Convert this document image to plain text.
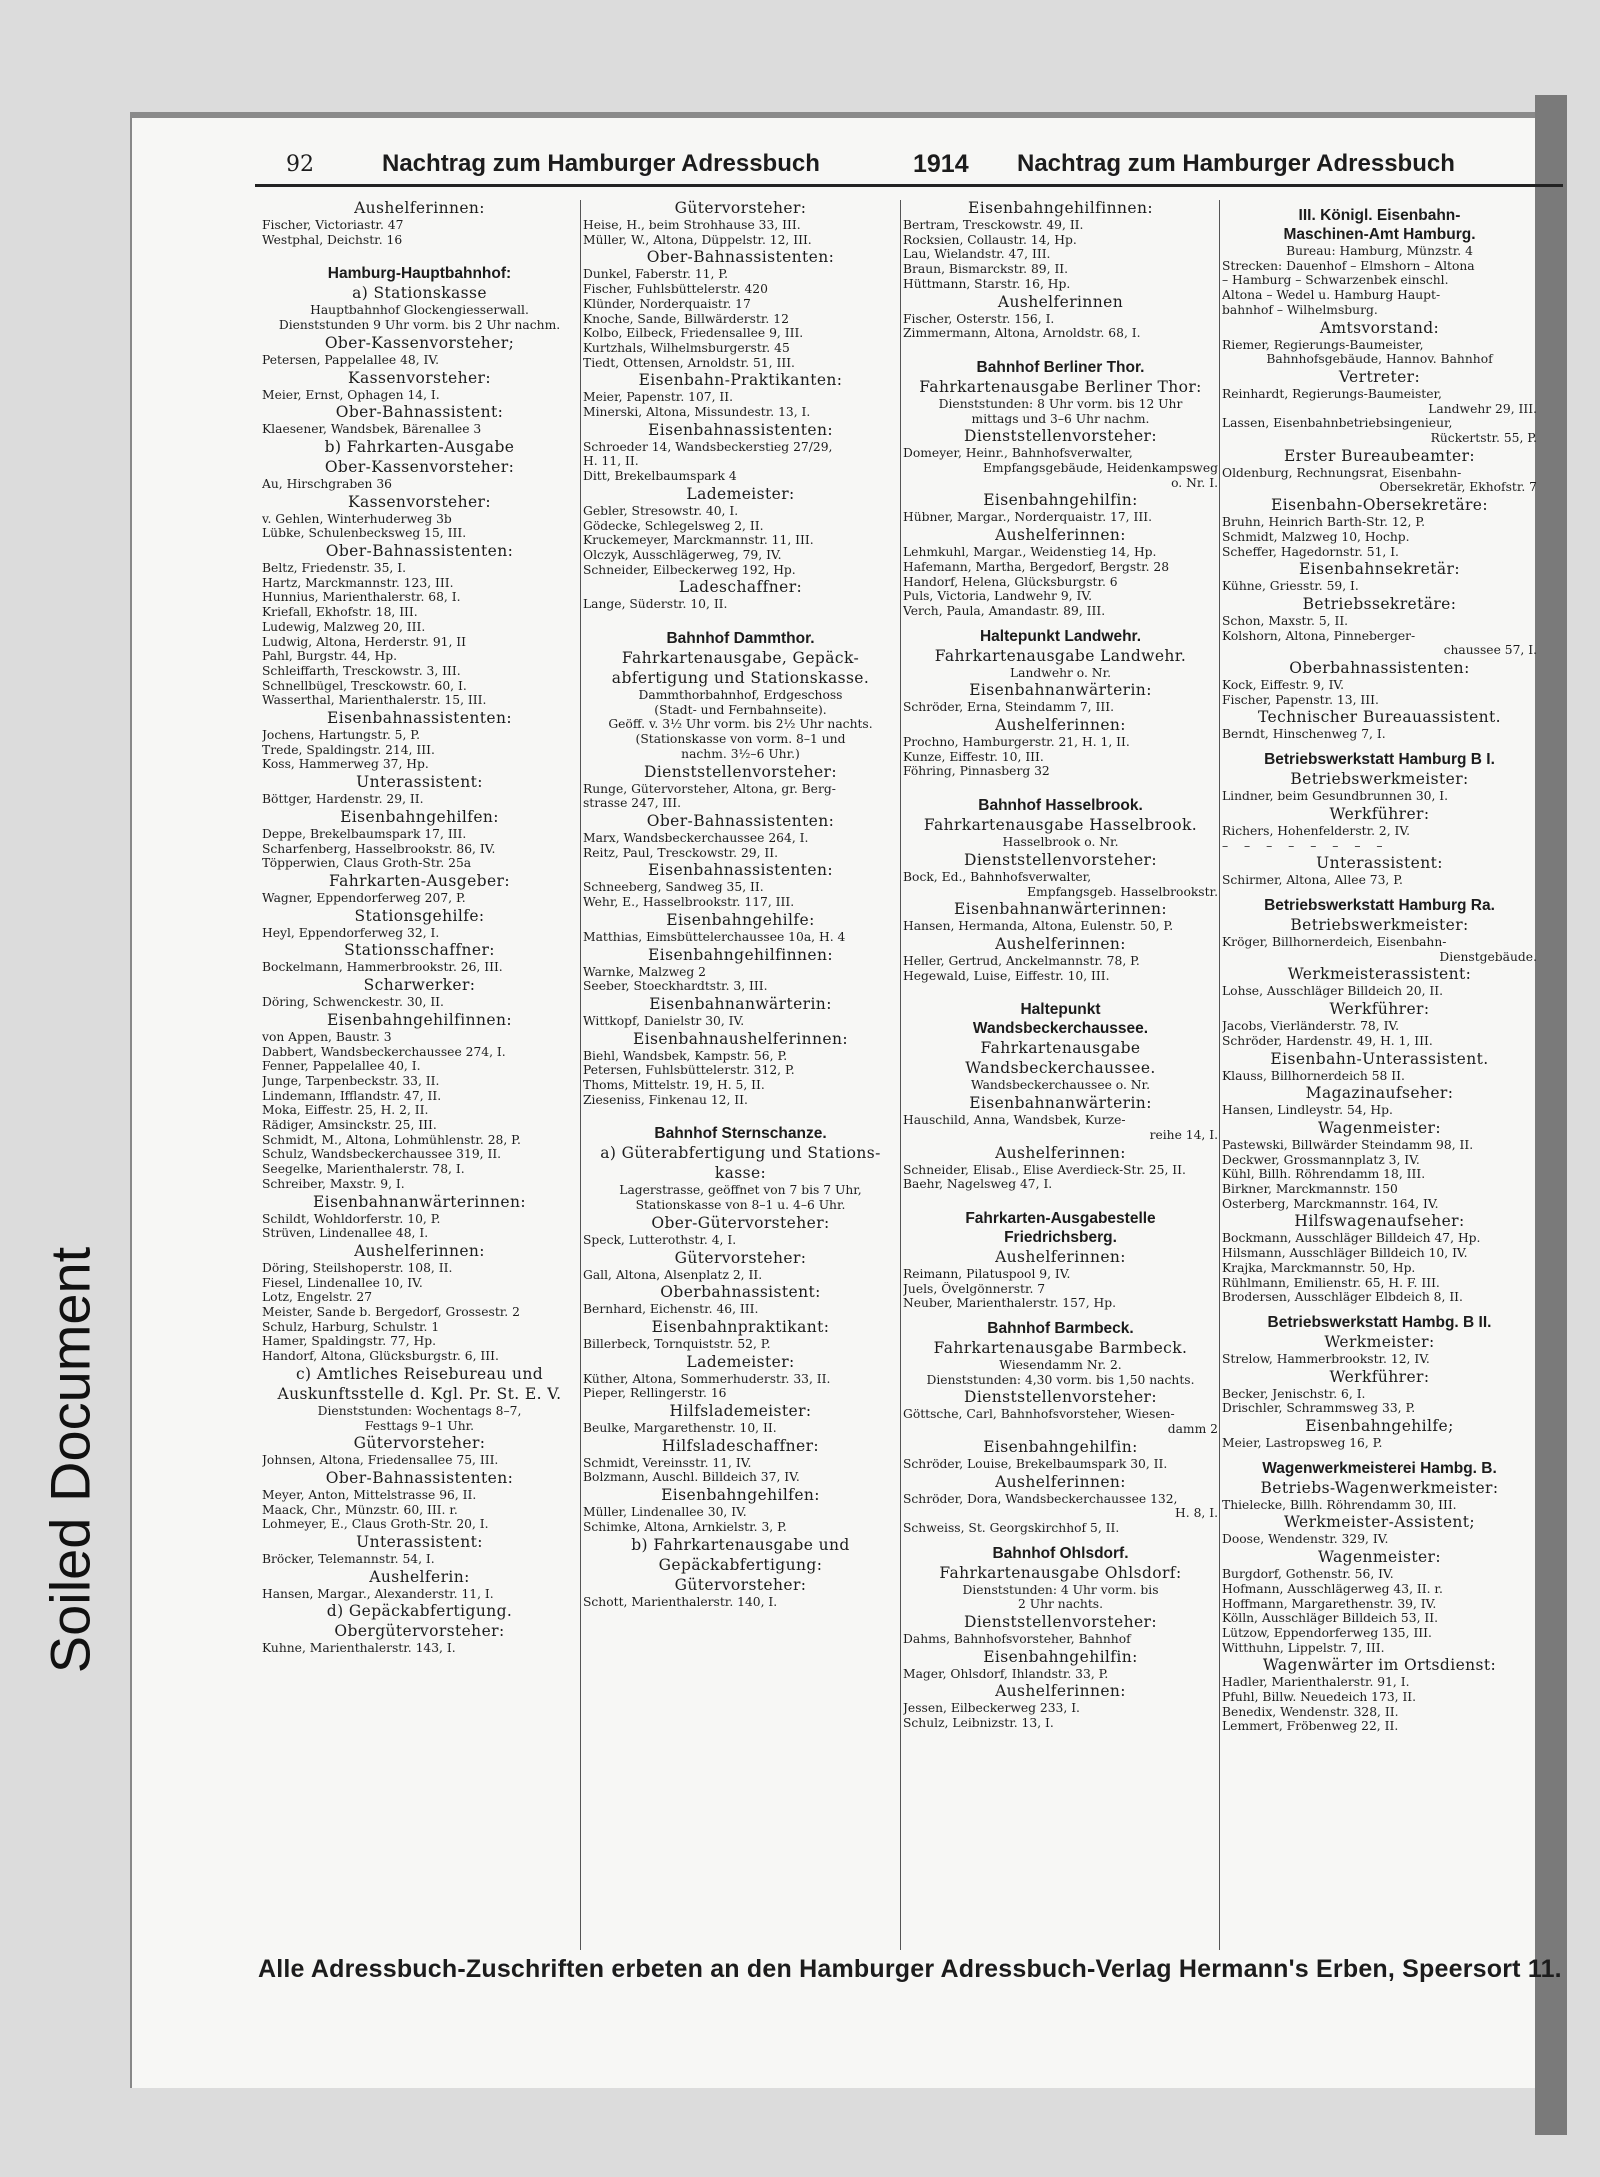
Soiled Document
92	Nachtrag zum Hamburger Adressbuch	1914 Nachtrag zum Hamburger Adressbuch
Aushelferinnen:
Fischer, Victoriastr. 47
Westphal, Deichstr. 16
Hamburg-Hauptbahnhof:
a) Stationskasse
Hauptbahnhof Glockengiesserwall.
Dienststunden 9 Uhr vorm. bis 2 Uhr nachm.
Ober-Kassenvorsteher;
Petersen, Pappelallee 48, IV.
Kassenvorsteher:
Meier, Ernst, Ophagen 14, I.
Ober-Bahnassistent:
Klaesener, Wandsbek, Bärenallee 3
b) Fahrkarten-Ausgabe
Ober-Kassenvorsteher:
Au, Hirschgraben 36
Kassenvorsteher:
v. Gehlen, Winterhuderweg 3b
Lübke, Schulenbecksweg 15, III.
Ober-Bahnassistenten:
Beltz, Friedenstr. 35, I.
Hartz, Marckmannstr. 123, III.
Hunnius, Marienthalerstr. 68, I.
Kriefall, Ekhofstr. 18, III.
Ludewig, Malzweg 20, III.
Ludwig, Altona, Herderstr. 91, II
Pahl, Burgstr. 44, Hp.
Schleiffarth, Tresckowstr. 3, III.
Schnellbügel, Tresckowstr. 60, I.
Wasserthal, Marienthalerstr. 15, III.
Eisenbahnassistenten:
Jochens, Hartungstr. 5, P.
Trede, Spaldingstr. 214, III.
Koss, Hammerweg 37, Hp.
Unterassistent:
Böttger, Hardenstr. 29, II.
Eisenbahngehilfen:
Deppe, Brekelbaumspark 17, III.
Scharfenberg, Hasselbrookstr. 86, IV.
Töpperwien, Claus Groth-Str. 25a
Fahrkarten-Ausgeber:
Wagner, Eppendorferweg 207, P.
Stationsgehilfe:
Heyl, Eppendorferweg 32, I.
Stationsschaffner:
Bockelmann, Hammerbrookstr. 26, III.
Scharwerker:
Döring, Schwenckestr. 30, II.
Eisenbahngehilfinnen:
von Appen, Baustr. 3
Dabbert, Wandsbeckerchaussee 274, I.
Fenner, Pappelallee 40, I.
Junge, Tarpenbeckstr. 33, II.
Lindemann, Ifflandstr. 47, II.
Moka, Eiffestr. 25, H. 2, II.
Rädiger, Amsinckstr. 25, III.
Schmidt, M., Altona, Lohmühlenstr. 28, P.
Schulz, Wandsbeckerchaussee 319, II.
Seegelke, Marienthalerstr. 78, I.
Schreiber, Maxstr. 9, I.
Eisenbahnanwärterinnen:
Schildt, Wohldorferstr. 10, P.
Strüven, Lindenallee 48, I.
Aushelferinnen:
Döring, Steilshoperstr. 108, II.
Fiesel, Lindenallee 10, IV.
Lotz, Engelstr. 27
Meister, Sande b. Bergedorf, Grossestr. 2
Schulz, Harburg, Schulstr. 1
Hamer, Spaldingstr. 77, Hp.
Handorf, Altona, Glücksburgstr. 6, III.
c) Amtliches Reisebureau und
Auskunftsstelle d. Kgl. Pr. St. E. V.
Dienststunden: Wochentags 8–7,
Festtags 9–1 Uhr.
Gütervorsteher:
Johnsen, Altona, Friedensallee 75, III.
Ober-Bahnassistenten:
Meyer, Anton, Mittelstrasse 96, II.
Maack, Chr., Münzstr. 60, III. r.
Lohmeyer, E., Claus Groth-Str. 20, I.
Unterassistent:
Bröcker, Telemannstr. 54, I.
Aushelferin:
Hansen, Margar., Alexanderstr. 11, I.
d) Gepäckabfertigung.
Obergütervorsteher:
Kuhne, Marienthalerstr. 143, I.
Gütervorsteher:
Heise, H., beim Strohhause 33, III.
Müller, W., Altona, Düppelstr. 12, III.
Ober-Bahnassistenten:
Dunkel, Faberstr. 11, P.
Fischer, Fuhlsbüttelerstr. 420
Klünder, Norderquaistr. 17
Knoche, Sande, Billwärderstr. 12
Kolbo, Eilbeck, Friedensallee 9, III.
Kurtzhals, Wilhelmsburgerstr. 45
Tiedt, Ottensen, Arnoldstr. 51, III.
Eisenbahn-Praktikanten:
Meier, Papenstr. 107, II.
Minerski, Altona, Missundestr. 13, I.
Eisenbahnassistenten:
Schroeder 14, Wandsbeckerstieg 27/29,
H. 11, II.
Ditt, Brekelbaumspark 4
Lademeister:
Gebler, Stresowstr. 40, I.
Gödecke, Schlegelsweg 2, II.
Kruckemeyer, Marckmannstr. 11, III.
Olczyk, Ausschlägerweg, 79, IV.
Schneider, Eilbeckerweg 192, Hp.
Ladeschaffner:
Lange, Süderstr. 10, II.
Bahnhof Dammthor.
Fahrkartenausgabe, Gepäck-
abfertigung und Stationskasse.
Dammthorbahnhof, Erdgeschoss
(Stadt- und Fernbahnseite).
Geöff. v. 3½ Uhr vorm. bis 2½ Uhr nachts.
(Stationskasse von vorm. 8–1 und
nachm. 3½–6 Uhr.)
Dienststellenvorsteher:
Runge, Gütervorsteher, Altona, gr. Berg-
strasse 247, III.
Ober-Bahnassistenten:
Marx, Wandsbeckerchaussee 264, I.
Reitz, Paul, Tresckowstr. 29, II.
Eisenbahnassistenten:
Schneeberg, Sandweg 35, II.
Wehr, E., Hasselbrookstr. 117, III.
Eisenbahngehilfe:
Matthias, Eimsbüttelerchaussee 10a, H. 4
Eisenbahngehilfinnen:
Warnke, Malzweg 2
Seeber, Stoeckhardtstr. 3, III.
Eisenbahnanwärterin:
Wittkopf, Danielstr 30, IV.
Eisenbahnaushelferinnen:
Biehl, Wandsbek, Kampstr. 56, P.
Petersen, Fuhlsbüttelerstr. 312, P.
Thoms, Mittelstr. 19, H. 5, II.
Zieseniss, Finkenau 12, II.
Bahnhof Sternschanze.
a) Güterabfertigung und Stations-
kasse:
Lagerstrasse, geöffnet von 7 bis 7 Uhr,
Stationskasse von 8–1 u. 4–6 Uhr.
Ober-Gütervorsteher:
Speck, Lutterothstr. 4, I.
Gütervorsteher:
Gall, Altona, Alsenplatz 2, II.
Oberbahnassistent:
Bernhard, Eichenstr. 46, III.
Eisenbahnpraktikant:
Billerbeck, Tornquiststr. 52, P.
Lademeister:
Küther, Altona, Sommerhuderstr. 33, II.
Pieper, Rellingerstr. 16
Hilfslademeister:
Beulke, Margarethenstr. 10, II.
Hilfsladeschaffner:
Schmidt, Vereinsstr. 11, IV.
Bolzmann, Auschl. Billdeich 37, IV.
Eisenbahngehilfen:
Müller, Lindenallee 30, IV.
Schimke, Altona, Arnkielstr. 3, P.
b) Fahrkartenausgabe und
Gepäckabfertigung:
Gütervorsteher:
Schott, Marienthalerstr. 140, I.
Eisenbahngehilfinnen:
Bertram, Tresckowstr. 49, II.
Rocksien, Collaustr. 14, Hp.
Lau, Wielandstr. 47, III.
Braun, Bismarckstr. 89, II.
Hüttmann, Starstr. 16, Hp.
Aushelferinnen
Fischer, Osterstr. 156, I.
Zimmermann, Altona, Arnoldstr. 68, I.
Bahnhof Berliner Thor.
Fahrkartenausgabe Berliner Thor:
Dienststunden: 8 Uhr vorm. bis 12 Uhr
mittags und 3–6 Uhr nachm.
Dienststellenvorsteher:
Domeyer, Heinr., Bahnhofsverwalter,
Empfangsgebäude, Heidenkampsweg
o. Nr. I.
Eisenbahngehilfin:
Hübner, Margar., Norderquaistr. 17, III.
Aushelferinnen:
Lehmkuhl, Margar., Weidenstieg 14, Hp.
Hafemann, Martha, Bergedorf, Bergstr. 28
Handorf, Helena, Glücksburgstr. 6
Puls, Victoria, Landwehr 9, IV.
Verch, Paula, Amandastr. 89, III.
Haltepunkt Landwehr.
Fahrkartenausgabe Landwehr.
Landwehr o. Nr.
Eisenbahnanwärterin:
Schröder, Erna, Steindamm 7, III.
Aushelferinnen:
Prochno, Hamburgerstr. 21, H. 1, II.
Kunze, Eiffestr. 10, III.
Föhring, Pinnasberg 32
Bahnhof Hasselbrook.
Fahrkartenausgabe Hasselbrook.
Hasselbrook o. Nr.
Dienststellenvorsteher:
Bock, Ed., Bahnhofsverwalter,
Empfangsgeb. Hasselbrookstr.
Eisenbahnanwärterinnen:
Hansen, Hermanda, Altona, Eulenstr. 50, P.
Aushelferinnen:
Heller, Gertrud, Anckelmannstr. 78, P.
Hegewald, Luise, Eiffestr. 10, III.
Haltepunkt
Wandsbeckerchaussee.
Fahrkartenausgabe
Wandsbeckerchaussee.
Wandsbeckerchaussee o. Nr.
Eisenbahnanwärterin:
Hauschild, Anna, Wandsbek, Kurze-
reihe 14, I.
Aushelferinnen:
Schneider, Elisab., Elise Averdieck-Str. 25, II.
Baehr, Nagelsweg 47, I.
Fahrkarten-Ausgabestelle
Friedrichsberg.
Aushelferinnen:
Reimann, Pilatuspool 9, IV.
Juels, Övelgönnerstr. 7
Neuber, Marienthalerstr. 157, Hp.
Bahnhof Barmbeck.
Fahrkartenausgabe Barmbeck.
Wiesendamm Nr. 2.
Dienststunden: 4,30 vorm. bis 1,50 nachts.
Dienststellenvorsteher:
Göttsche, Carl, Bahnhofsvorsteher, Wiesen-
damm 2
Eisenbahngehilfin:
Schröder, Louise, Brekelbaumspark 30, II.
Aushelferinnen:
Schröder, Dora, Wandsbeckerchaussee 132,
H. 8, I.
Schweiss, St. Georgskirchhof 5, II.
Bahnhof Ohlsdorf.
Fahrkartenausgabe Ohlsdorf:
Dienststunden: 4 Uhr vorm. bis
2 Uhr nachts.
Dienststellenvorsteher:
Dahms, Bahnhofsvorsteher, Bahnhof
Eisenbahngehilfin:
Mager, Ohlsdorf, Ihlandstr. 33, P.
Aushelferinnen:
Jessen, Eilbeckerweg 233, I.
Schulz, Leibnizstr. 13, I.
III. Königl. Eisenbahn-
Maschinen-Amt Hamburg.
Bureau: Hamburg, Münzstr. 4
Strecken: Dauenhof – Elmshorn – Altona
– Hamburg – Schwarzenbek einschl.
Altona – Wedel u. Hamburg Haupt-
bahnhof – Wilhelmsburg.
Amtsvorstand:
Riemer, Regierungs-Baumeister,
Bahnhofsgebäude, Hannov. Bahnhof
Vertreter:
Reinhardt, Regierungs-Baumeister,
Landwehr 29, III.
Lassen, Eisenbahnbetriebsingenieur,
Rückertstr. 55, P.
Erster Bureaubeamter:
Oldenburg, Rechnungsrat, Eisenbahn-
Obersekretär, Ekhofstr. 7
Eisenbahn-Obersekretäre:
Bruhn, Heinrich Barth-Str. 12, P.
Schmidt, Malzweg 10, Hochp.
Scheffer, Hagedornstr. 51, I.
Eisenbahnsekretär:
Kühne, Griesstr. 59, I.
Betriebssekretäre:
Schon, Maxstr. 5, II.
Kolshorn, Altona, Pinneberger-
chaussee 57, I.
Oberbahnassistenten:
Kock, Eiffestr. 9, IV.
Fischer, Papenstr. 13, III.
Technischer Bureauassistent.
Berndt, Hinschenweg 7, I.
Betriebswerkstatt Hamburg B I.
Betriebswerkmeister:
Lindner, beim Gesundbrunnen 30, I.
Werkführer:
Richers, Hohenfelderstr. 2, IV.
– – – – – – – –
Unterassistent:
Schirmer, Altona, Allee 73, P.
Betriebswerkstatt Hamburg Ra.
Betriebswerkmeister:
Kröger, Billhornerdeich, Eisenbahn-
Dienstgebäude.
Werkmeisterassistent:
Lohse, Ausschläger Billdeich 20, II.
Werkführer:
Jacobs, Vierländerstr. 78, IV.
Schröder, Hardenstr. 49, H. 1, III.
Eisenbahn-Unterassistent.
Klauss, Billhornerdeich 58 II.
Magazinaufseher:
Hansen, Lindleystr. 54, Hp.
Wagenmeister:
Pastewski, Billwärder Steindamm 98, II.
Deckwer, Grossmannplatz 3, IV.
Kühl, Billh. Röhrendamm 18, III.
Birkner, Marckmannstr. 150
Osterberg, Marckmannstr. 164, IV.
Hilfswagenaufseher:
Bockmann, Ausschläger Billdeich 47, Hp.
Hilsmann, Ausschläger Billdeich 10, IV.
Krajka, Marckmannstr. 50, Hp.
Rühlmann, Emilienstr. 65, H. F. III.
Brodersen, Ausschläger Elbdeich 8, II.
Betriebswerkstatt Hambg. B II.
Werkmeister:
Strelow, Hammerbrookstr. 12, IV.
Werkführer:
Becker, Jenischstr. 6, I.
Drischler, Schrammsweg 33, P.
Eisenbahngehilfe;
Meier, Lastropsweg 16, P.
Wagenwerkmeisterei Hambg. B.
Betriebs-Wagenwerkmeister:
Thielecke, Billh. Röhrendamm 30, III.
Werkmeister-Assistent;
Doose, Wendenstr. 329, IV.
Wagenmeister:
Burgdorf, Gothenstr. 56, IV.
Hofmann, Ausschlägerweg 43, II. r.
Hoffmann, Margarethenstr. 39, IV.
Kölln, Ausschläger Billdeich 53, II.
Lützow, Eppendorferweg 135, III.
Witthuhn, Lippelstr. 7, III.
Wagenwärter im Ortsdienst:
Hadler, Marienthalerstr. 91, I.
Pfuhl, Billw. Neuedeich 173, II.
Benedix, Wendenstr. 328, II.
Lemmert, Fröbenweg 22, II.
Alle Adressbuch-Zuschriften erbeten an den Hamburger Adressbuch-Verlag Hermann's Erben, Speersort 11.
